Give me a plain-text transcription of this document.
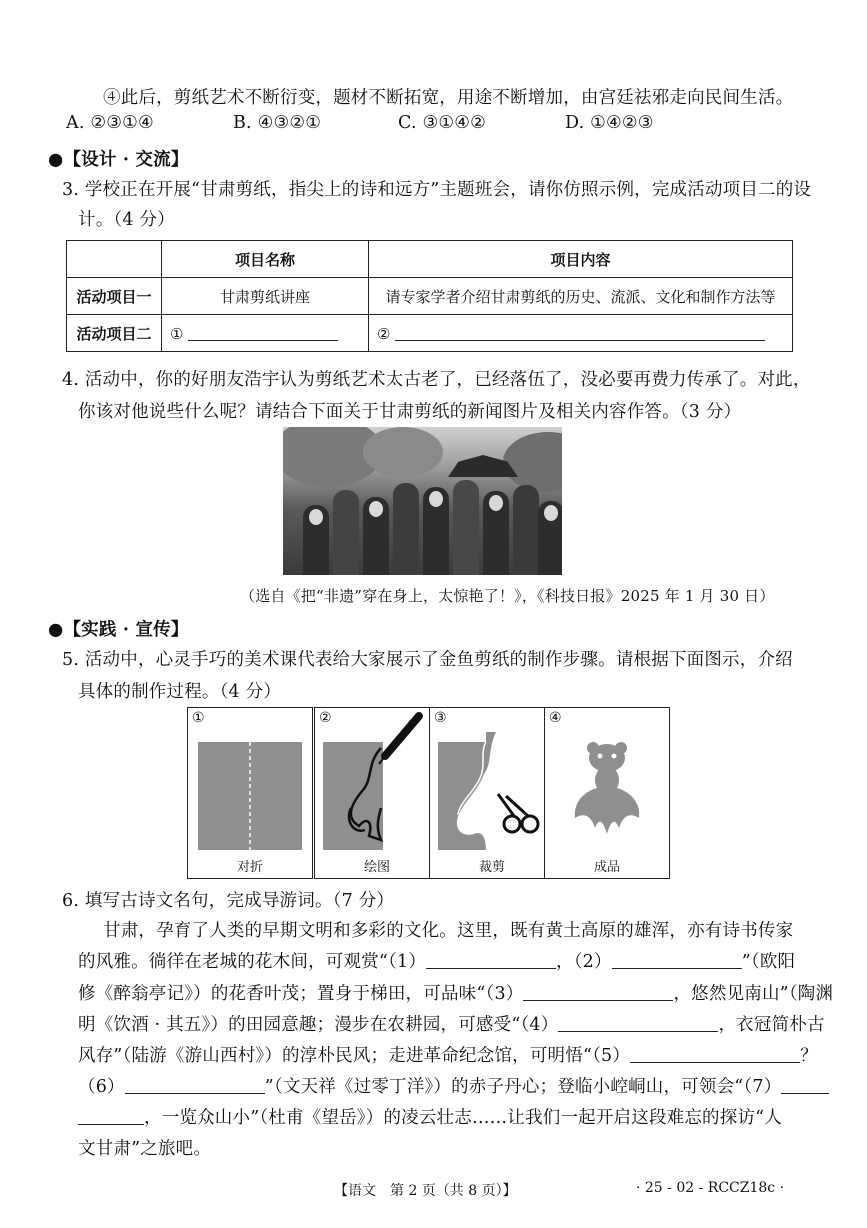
④此后，剪纸艺术不断衍变，题材不断拓宽，用途不断增加，由宫廷祛邪走向民间生活。
A. ②③①④	B. ④③②①	C. ③①④②	D. ①④②③
●【设计 · 交流】
3. 学校正在开展“甘肃剪纸，指尖上的诗和远方”主题班会，请你仿照示例，完成活动项目二的设
计。（4 分）
	项目名称	项目内容
活动项目一	甘肃剪纸讲座	请专家学者介绍甘肃剪纸的历史、流派、文化和制作方法等
活动项目二	①	②
4. 活动中，你的好朋友浩宇认为剪纸艺术太古老了，已经落伍了，没必要再费力传承了。对此，
你该对他说些什么呢？请结合下面关于甘肃剪纸的新闻图片及相关内容作答。（3 分）
（选自《把“非遗”穿在身上，太惊艳了！》，《科技日报》2025 年 1 月 30 日）
●【实践 · 宣传】
5. 活动中，心灵手巧的美术课代表给大家展示了金鱼剪纸的制作步骤。请根据下面图示，介绍
具体的制作过程。（4 分）
①
对折
②
绘图
③
裁剪
④
成品
6. 填写古诗文名句，完成导游词。（7 分）
甘肃，孕育了人类的早期文明和多彩的文化。这里，既有黄土高原的雄浑，亦有诗书传家
的风雅。徜徉在老城的花木间，可观赏“（1）	，（2）	”（欧阳
修《醉翁亭记》）的花香叶茂；置身于梯田，可品味“（3）	，悠然见南山”（陶渊
明《饮酒 · 其五》）的田园意趣；漫步在农耕园，可感受“（4）	，衣冠简朴古
风存”（陆游《游山西村》）的淳朴民风；走进革命纪念馆，可明悟“（5）	？
（6）	”（文天祥《过零丁洋》）的赤子丹心；登临小崆峒山，可领会“（7）
，一览众山小”（杜甫《望岳》）的凌云壮志……让我们一起开启这段难忘的探访“人
文甘肃”之旅吧。
【语文　第 2 页（共 8 页）】	· 25 - 02 - RCCZ18c ·
